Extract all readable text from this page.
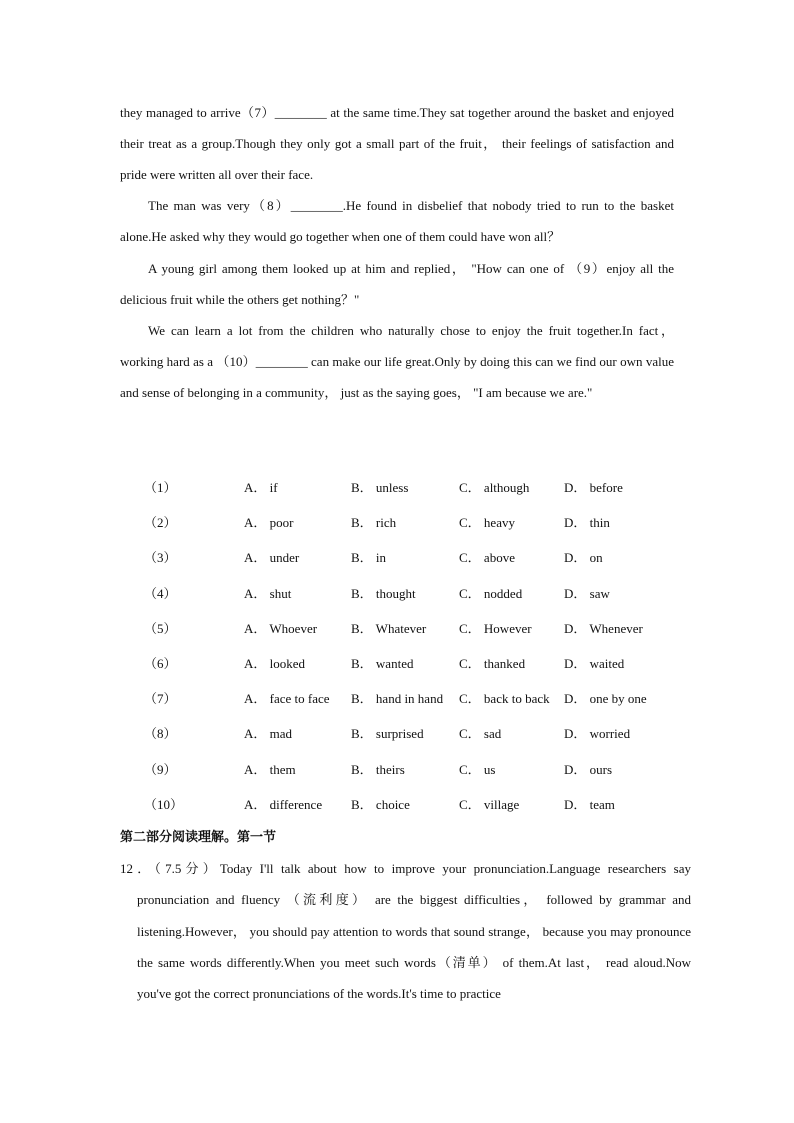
they managed to arrive（7）________ at the same time.They sat together around the basket and enjoyed their treat as a group.Though they only got a small part of the fruit， their feelings of satisfaction and pride were written all over their face.

The man was very（8）________.He found in disbelief that nobody tried to run to the basket alone.He asked why they would go together when one of them could have won all？

A young girl among them looked up at him and replied， "How can one of （9）enjoy all the delicious fruit while the others get nothing？"

We can learn a lot from the children who naturally chose to enjoy the fruit together.In fact， working hard as a （10）________ can make our life great.Only by doing this can we find our own value and sense of belonging in a community， just as the saying goes， "I am because we are."

（1）	A． if	B． unless	C． although	D． before
（2）	A． poor	B． rich	C． heavy	D． thin
（3）	A． under	B． in	C． above	D． on
（4）	A． shut	B． thought	C． nodded	D． saw
（5）	A． Whoever	B． Whatever	C． However D． Whenever
（6）	A． looked	B． wanted	C． thanked	D． waited
（7）	A． face to face B． hand in hand C． back to back D． one by one
（8）	A． mad	B． surprised	C． sad	D． worried
（9）	A． them	B． theirs	C． us	D． ours
（10）	A． difference B． choice	C． village	D． team
第二部分阅读理解。第一节

12．（7.5分）Today I'll talk about how to improve your pronunciation.Language researchers say pronunciation and fluency （流利度） are the biggest difficulties， followed by grammar and listening.However， you should pay attention to words that sound strange， because you may pronounce the same words differently.When you meet such words（清单） of them.At last， read aloud.Now you've got the correct pronunciations of the words.It's time to practice
